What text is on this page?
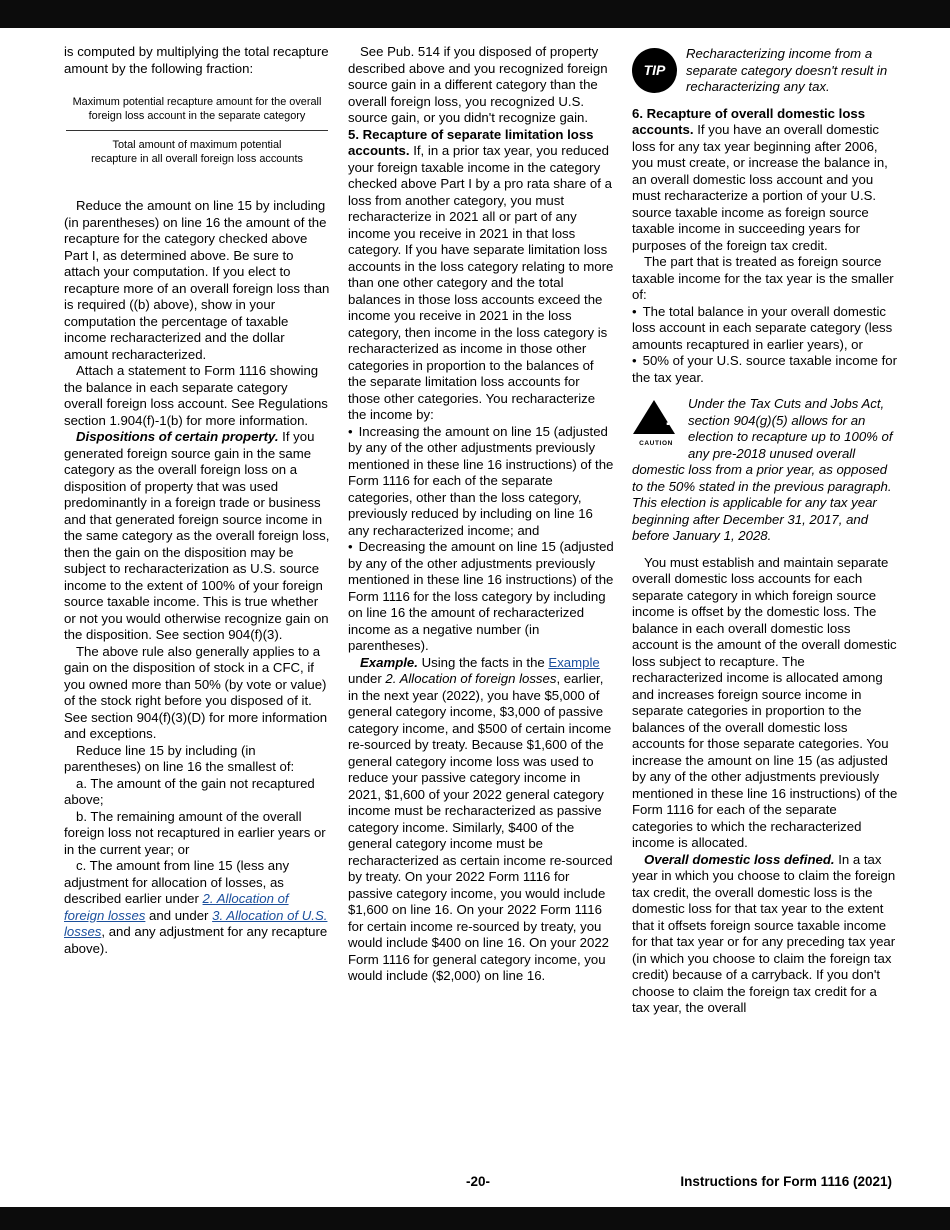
is computed by multiplying the total recapture amount by the following fraction:

Maximum potential recapture amount for the overall foreign loss account in the separate category
Total amount of maximum potential recapture in all overall foreign loss accounts

Reduce the amount on line 15 by including (in parentheses) on line 16 the amount of the recapture for the category checked above Part I, as determined above. Be sure to attach your computation. If you elect to recapture more of an overall foreign loss than is required ((b) above), show in your computation the percentage of taxable income recharacterized and the dollar amount recharacterized.

Attach a statement to Form 1116 showing the balance in each separate category overall foreign loss account. See Regulations section 1.904(f)-1(b) for more information.

Dispositions of certain property. If you generated foreign source gain in the same category as the overall foreign loss on a disposition of property that was used predominantly in a foreign trade or business and that generated foreign source income in the same category as the overall foreign loss, then the gain on the disposition may be subject to recharacterization as U.S. source income to the extent of 100% of your foreign source taxable income. This is true whether or not you would otherwise recognize gain on the disposition. See section 904(f)(3).

The above rule also generally applies to a gain on the disposition of stock in a CFC, if you owned more than 50% (by vote or value) of the stock right before you disposed of it. See section 904(f)(3)(D) for more information and exceptions.

Reduce line 15 by including (in parentheses) on line 16 the smallest of:

a. The amount of the gain not recaptured above;

b. The remaining amount of the overall foreign loss not recaptured in earlier years or in the current year; or

c. The amount from line 15 (less any adjustment for allocation of losses, as described earlier under 2. Allocation of foreign losses and under 3. Allocation of U.S. losses, and any adjustment for any recapture above).

See Pub. 514 if you disposed of property described above and you recognized foreign source gain in a different category than the overall foreign loss, you recognized U.S. source gain, or you didn't recognize gain.

5. Recapture of separate limitation loss accounts. If, in a prior tax year, you reduced your foreign taxable income in the category checked above Part I by a pro rata share of a loss from another category, you must recharacterize in 2021 all or part of any income you receive in 2021 in that loss category. If you have separate limitation loss accounts in the loss category relating to more than one other category and the total balances in those loss accounts exceed the income you receive in 2021 in the loss category, then income in the loss category is recharacterized as income in those other categories in proportion to the balances of the separate limitation loss accounts for those other categories. You recharacterize the income by:

• Increasing the amount on line 15 (adjusted by any of the other adjustments previously mentioned in these line 16 instructions) of the Form 1116 for each of the separate categories, other than the loss category, previously reduced by including on line 16 any recharacterized income; and

• Decreasing the amount on line 15 (adjusted by any of the other adjustments previously mentioned in these line 16 instructions) of the Form 1116 for the loss category by including on line 16 the amount of recharacterized income as a negative number (in parentheses).

Example. Using the facts in the Example under 2. Allocation of foreign losses, earlier, in the next year (2022), you have $5,000 of general category income, $3,000 of passive category income, and $500 of certain income re-sourced by treaty. Because $1,600 of the general category income loss was used to reduce your passive category income in 2021, $1,600 of your 2022 general category income must be recharacterized as passive category income. Similarly, $400 of the general category income must be recharacterized as certain income re-sourced by treaty. On your 2022 Form 1116 for passive category income, you would include $1,600 on line 16. On your 2022 Form 1116 for certain income re-sourced by treaty, you would include $400 on line 16. On your 2022 Form 1116 for general category income, you would include ($2,000) on line 16.

TIP

Recharacterizing income from a separate category doesn't result in recharacterizing any tax.

6. Recapture of overall domestic loss accounts. If you have an overall domestic loss for any tax year beginning after 2006, you must create, or increase the balance in, an overall domestic loss account and you must recharacterize a portion of your U.S. source taxable income as foreign source taxable income in succeeding years for purposes of the foreign tax credit.

The part that is treated as foreign source taxable income for the tax year is the smaller of:

• The total balance in your overall domestic loss account in each separate category (less amounts recaptured in earlier years), or

• 50% of your U.S. source taxable income for the tax year.

!
CAUTION

Under the Tax Cuts and Jobs Act, section 904(g)(5) allows for an election to recapture up to 100% of any pre-2018 unused overall domestic loss from a prior year, as opposed to the 50% stated in the previous paragraph. This election is applicable for any tax year beginning after December 31, 2017, and before January 1, 2028.

You must establish and maintain separate overall domestic loss accounts for each separate category in which foreign source income is offset by the domestic loss. The balance in each overall domestic loss account is the amount of the overall domestic loss subject to recapture. The recharacterized income is allocated among and increases foreign source income in separate categories in proportion to the balances of the overall domestic loss accounts for those separate categories. You increase the amount on line 15 (as adjusted by any of the other adjustments previously mentioned in these line 16 instructions) of the Form 1116 for each of the separate categories to which the recharacterized income is allocated.

Overall domestic loss defined. In a tax year in which you choose to claim the foreign tax credit, the overall domestic loss is the domestic loss for that tax year to the extent that it offsets foreign source taxable income for that tax year or for any preceding tax year (in which you choose to claim the foreign tax credit) because of a carryback. If you don't choose to claim the foreign tax credit for a tax year, the overall

-20-	Instructions for Form 1116 (2021)
